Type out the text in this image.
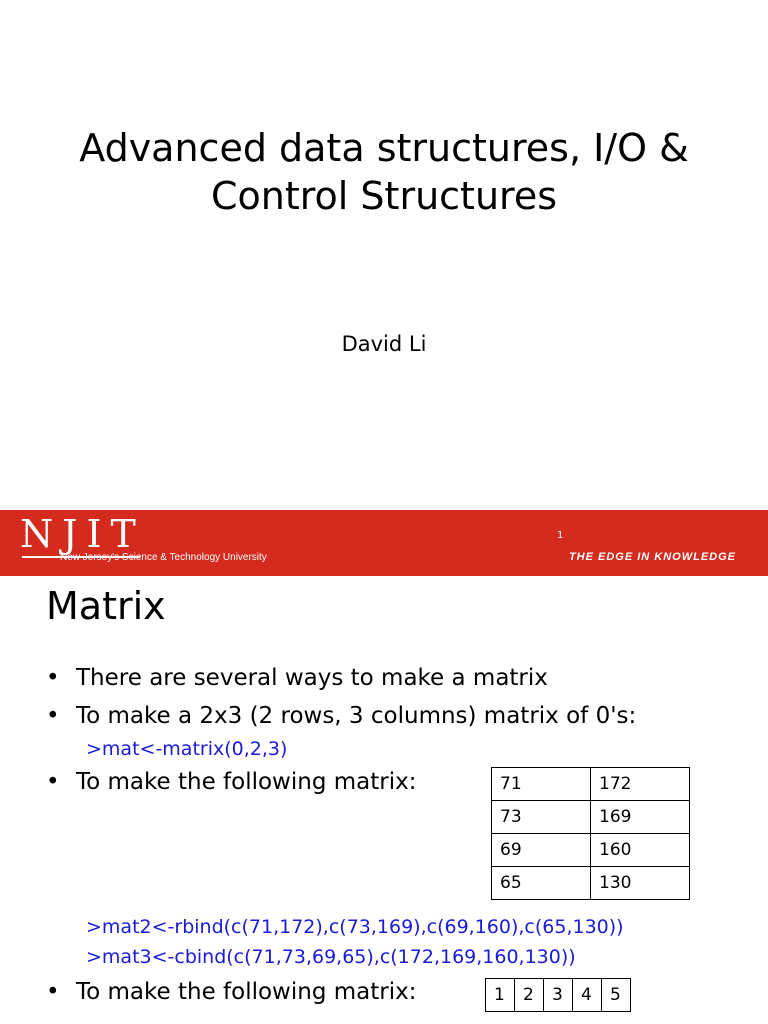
Advanced data structures, I/O &
Control Structures
David Li
NJIT
New Jersey's Science & Technology University
1
THE EDGE IN KNOWLEDGE
Matrix
• There are several ways to make a matrix
• To make a 2x3 (2 rows, 3 columns) matrix of 0's:
>mat<-matrix(0,2,3)
• To make the following matrix:	71	172
73	169
69	160
65	130
>mat2<-rbind(c(71,172),c(73,169),c(69,160),c(65,130))
>mat3<-cbind(c(71,73,69,65),c(172,169,160,130))
• To make the following matrix:	1	2	3	4	5
